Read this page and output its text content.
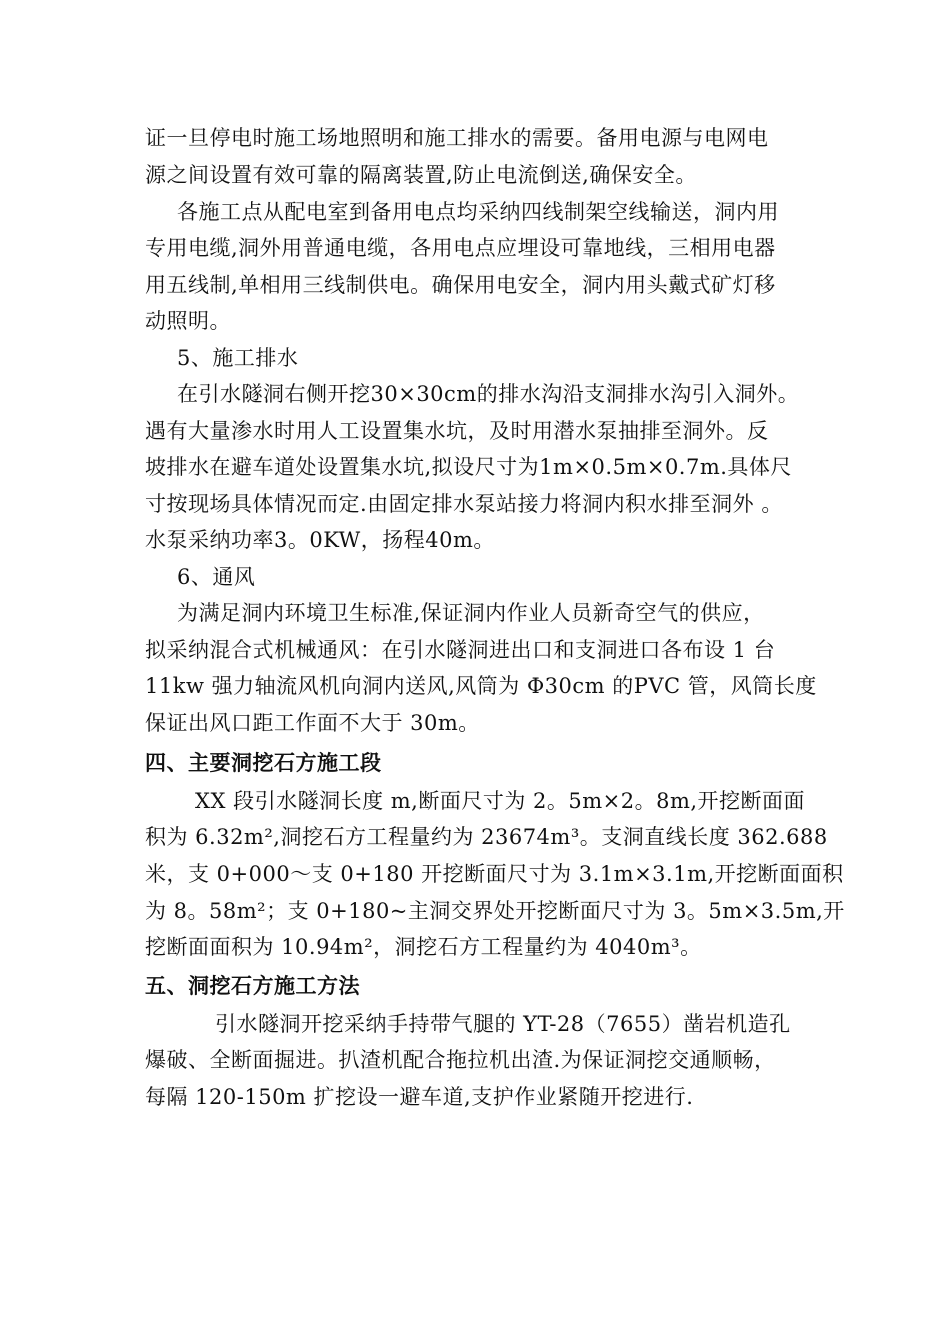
证一旦停电时施工场地照明和施工排水的需要。备用电源与电网电
源之间设置有效可靠的隔离装置,防止电流倒送,确保安全。
各施工点从配电室到备用电点均采纳四线制架空线输送，洞内用
专用电缆,洞外用普通电缆，各用电点应埋设可靠地线，三相用电器
用五线制,单相用三线制供电。确保用电安全，洞内用头戴式矿灯移
动照明。
5、施工排水
在引水隧洞右侧开挖30×30cm的排水沟沿支洞排水沟引入洞外。
遇有大量渗水时用人工设置集水坑，及时用潜水泵抽排至洞外。反
坡排水在避车道处设置集水坑,拟设尺寸为1m×0.5m×0.7m.具体尺
寸按现场具体情况而定.由固定排水泵站接力将洞内积水排至洞外 。
水泵采纳功率3。0KW，扬程40m。
6、通风
为满足洞内环境卫生标准,保证洞内作业人员新奇空气的供应，
拟采纳混合式机械通风：在引水隧洞进出口和支洞进口各布设 1 台
11kw 强力轴流风机向洞内送风,风筒为 Φ30cm 的PVC 管，风筒长度
保证出风口距工作面不大于 30m。
四、主要洞挖石方施工段
XX 段引水隧洞长度 m,断面尺寸为 2。5m×2。8m,开挖断面面
积为 6.32m²,洞挖石方工程量约为 23674m³。支洞直线长度 362.688
米，支 0+000～支 0+180 开挖断面尺寸为 3.1m×3.1m,开挖断面面积
为 8。58m²；支 0+180~主洞交界处开挖断面尺寸为 3。5m×3.5m,开
挖断面面积为 10.94m²，洞挖石方工程量约为 4040m³。
五、洞挖石方施工方法
引水隧洞开挖采纳手持带气腿的 YT-28（7655）凿岩机造孔
爆破、全断面掘进。扒渣机配合拖拉机出渣.为保证洞挖交通顺畅，
每隔 120-150m 扩挖设一避车道,支护作业紧随开挖进行.
